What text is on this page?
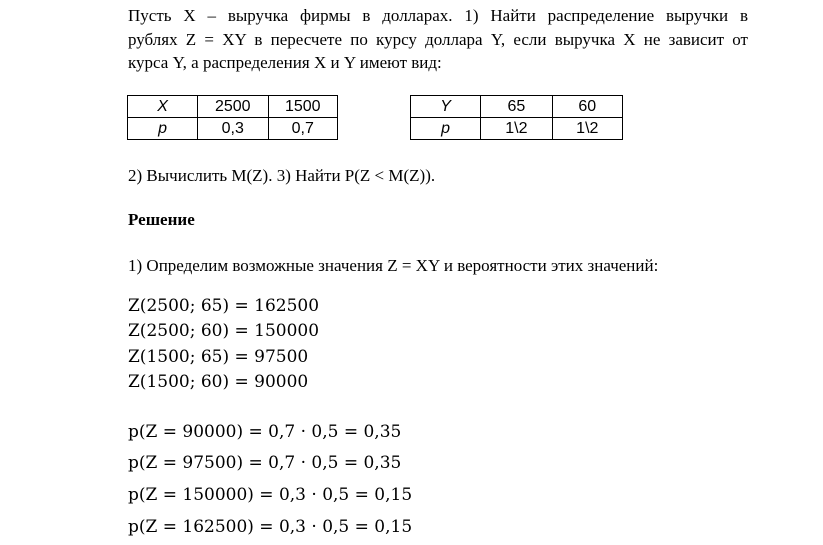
Пусть X – выручка фирмы в долларах. 1) Найти распределение выручки в
рублях Z = XY в пересчете по курсу доллара Y, если выручка X не зависит от
курса Y, а распределения X и Y имеют вид:
X	2500	1500
p	0,3	0,7
Y	65	60
p	1\2	1\2
2) Вычислить M(Z). 3) Найти P(Z < M(Z)).
Решение
1) Определим возможные значения Z = XY и вероятности этих значений:
Z(2500; 65) = 162500
Z(2500; 60) = 150000
Z(1500; 65) = 97500
Z(1500; 60) = 90000
p(Z = 90000) = 0,7 · 0,5 = 0,35
p(Z = 97500) = 0,7 · 0,5 = 0,35
p(Z = 150000) = 0,3 · 0,5 = 0,15
p(Z = 162500) = 0,3 · 0,5 = 0,15
